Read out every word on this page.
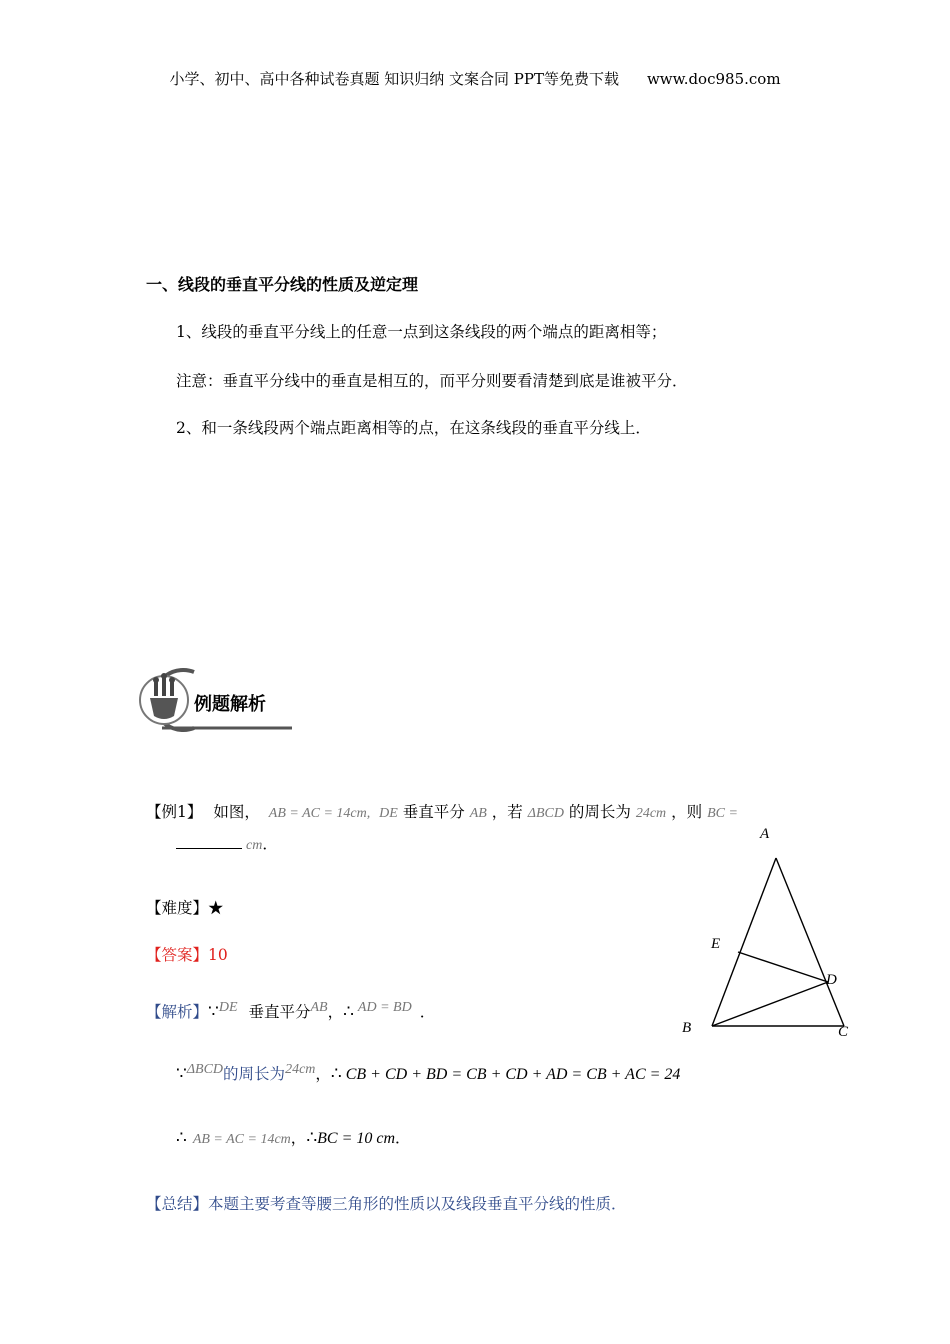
小学、初中、高中各种试卷真题 知识归纳 文案合同 PPT等免费下载 www.doc985.com
一、线段的垂直平分线的性质及逆定理
1、线段的垂直平分线上的任意一点到这条线段的两个端点的距离相等；
注意：垂直平分线中的垂直是相互的，而平分则要看清楚到底是谁被平分．
2、和一条线段两个端点距离相等的点，在这条线段的垂直平分线上．
例题解析
【例1】 如图， AB = AC = 14cm, DE 垂直平分 AB ，若 ΔBCD 的周长为 24cm ，则 BC =
cm．
【难度】★
【答案】10
【解析】∵DE 垂直平分AB，∴ AD = BD ．
∵ΔBCD的周长为24cm，∴ CB + CD + BD = CB + CD + AD = CB + AC = 24
∴ AB = AC = 14cm，∴BC = 10 cm．
【总结】本题主要考查等腰三角形的性质以及线段垂直平分线的性质．
A
E
D
B	C
